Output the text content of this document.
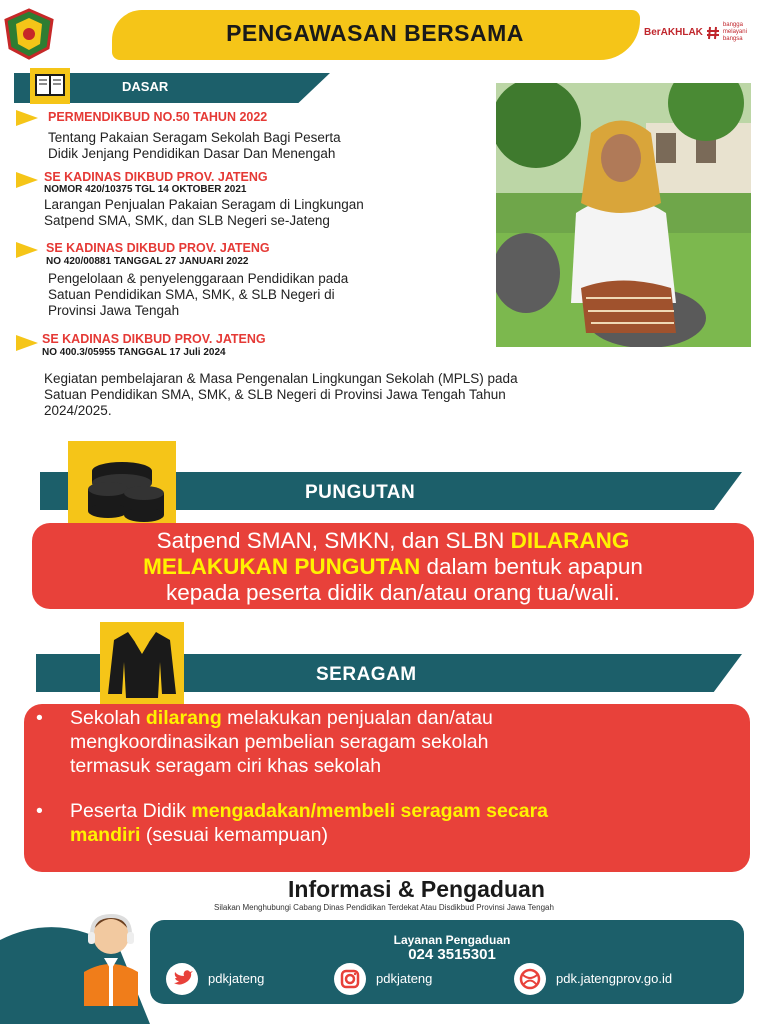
PENGAWASAN BERSAMA	BerAKHLAK
bangga
melayani
bangsa
DASAR
PERMENDIKBUD NO.50 TAHUN 2022
Tentang Pakaian Seragam Sekolah Bagi Peserta
Didik Jenjang Pendidikan Dasar Dan Menengah
SE KADINAS DIKBUD PROV. JATENG
NOMOR 420/10375 TGL 14 OKTOBER 2021
Larangan Penjualan Pakaian Seragam di Lingkungan
Satpend SMA, SMK, dan SLB Negeri se-Jateng
SE KADINAS DIKBUD PROV. JATENG
NO 420/00881 TANGGAL 27 JANUARI 2022
Pengelolaan & penyelenggaraan Pendidikan pada
Satuan Pendidikan SMA, SMK, & SLB Negeri di
Provinsi Jawa Tengah
SE KADINAS DIKBUD PROV. JATENG
NO 400.3/05955 TANGGAL 17 Juli 2024
Kegiatan pembelajaran & Masa Pengenalan Lingkungan Sekolah (MPLS) pada
Satuan Pendidikan SMA, SMK, & SLB Negeri di Provinsi Jawa Tengah Tahun
2024/2025.
PUNGUTAN
Satpend SMAN, SMKN, dan SLBN DILARANG
MELAKUKAN PUNGUTAN dalam bentuk apapun
kepada peserta didik dan/atau orang tua/wali.
SERAGAM
• Sekolah dilarang melakukan penjualan dan/atau
mengkoordinasikan pembelian seragam sekolah
termasuk seragam ciri khas sekolah
• Peserta Didik mengadakan/membeli seragam secara
mandiri (sesuai kemampuan)
Informasi & Pengaduan
Silakan Menghubungi Cabang Dinas Pendidikan Terdekat Atau Disdikbud Provinsi Jawa Tengah
Layanan Pengaduan
024 3515301
pdkjateng	pdkjateng	pdk.jatengprov.go.id
